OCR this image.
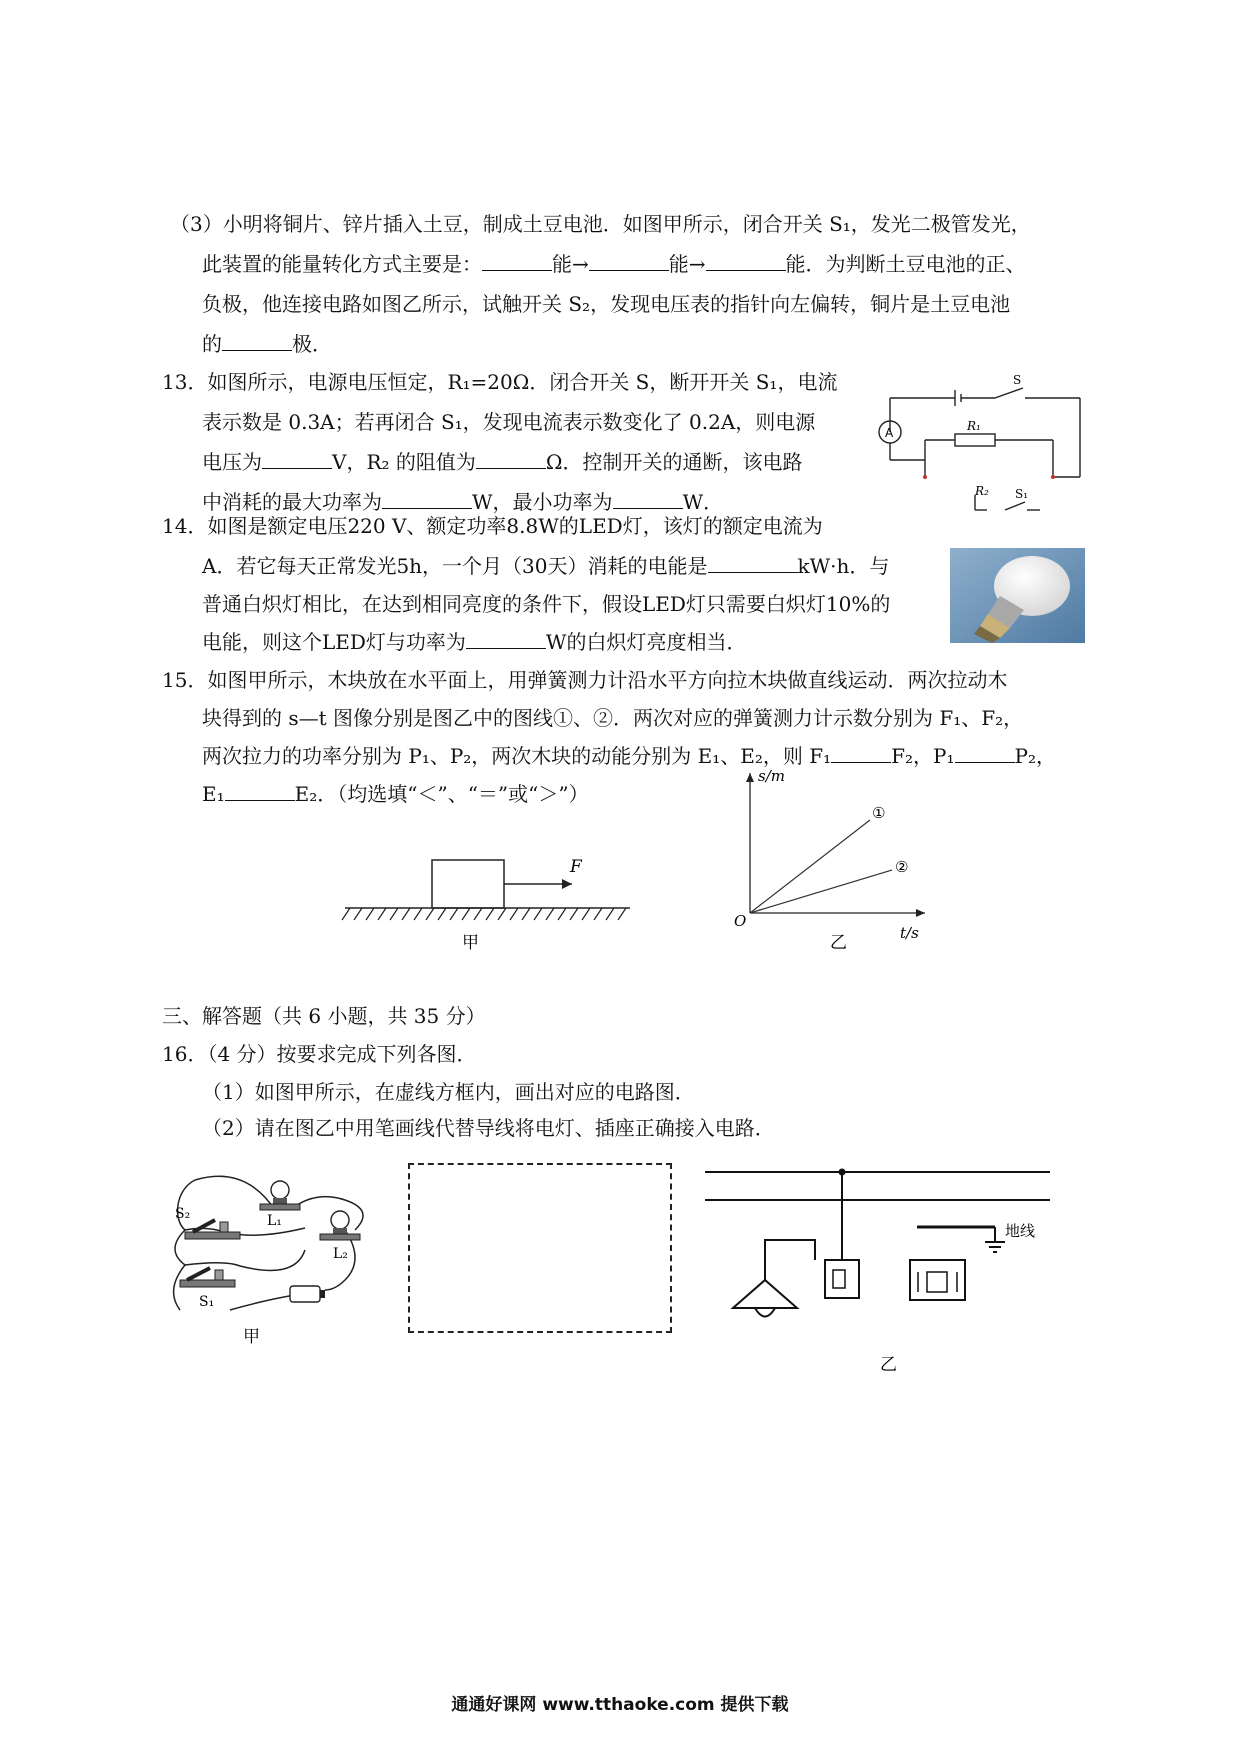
（3）小明将铜片、锌片插入土豆，制成土豆电池．如图甲所示，闭合开关 S₁，发光二极管发光，
此装置的能量转化方式主要是：	能→	能→	能．为判断土豆电池的正、
负极，他连接电路如图乙所示，试触开关 S₂，发现电压表的指针向左偏转，铜片是土豆电池
的	极．
13．如图所示，电源电压恒定，R₁=20Ω．闭合开关 S，断开开关 S₁，电流
表示数是 0.3A；若再闭合 S₁，发现电流表示数变化了 0.2A，则电源
电压为	V，R₂ 的阻值为	Ω．控制开关的通断，该电路
中消耗的最大功率为	W，最小功率为	W．
S
A	R₁
R₂ S₁
14．如图是额定电压220 V、额定功率8.8W的LED灯，该灯的额定电流为
A．若它每天正常发光5h，一个月（30天）消耗的电能是	kW·h．与
普通白炽灯相比，在达到相同亮度的条件下，假设LED灯只需要白炽灯10%的
电能，则这个LED灯与功率为	W的白炽灯亮度相当．
15．如图甲所示，木块放在水平面上，用弹簧测力计沿水平方向拉木块做直线运动．两次拉动木
块得到的 s—t 图像分别是图乙中的图线①、②．两次对应的弹簧测力计示数分别为 F₁、F₂，
两次拉力的功率分别为 P₁、P₂，两次木块的动能分别为 E₁、E₂，则 F₁	F₂，P₁	P₂，
E₁	E₂．（均选填“＜”、“＝”或“＞”）
F
甲
s/m
t/s
O
①
②
乙
三、解答题（共 6 小题，共 35 分）
16．（4 分）按要求完成下列各图．
（1）如图甲所示，在虚线方框内，画出对应的电路图．
（2）请在图乙中用笔画线代替导线将电灯、插座正确接入电路．
S₂	L₁
L₂
S₁
甲
地线
乙
通通好课网 www.tthaoke.com 提供下载
